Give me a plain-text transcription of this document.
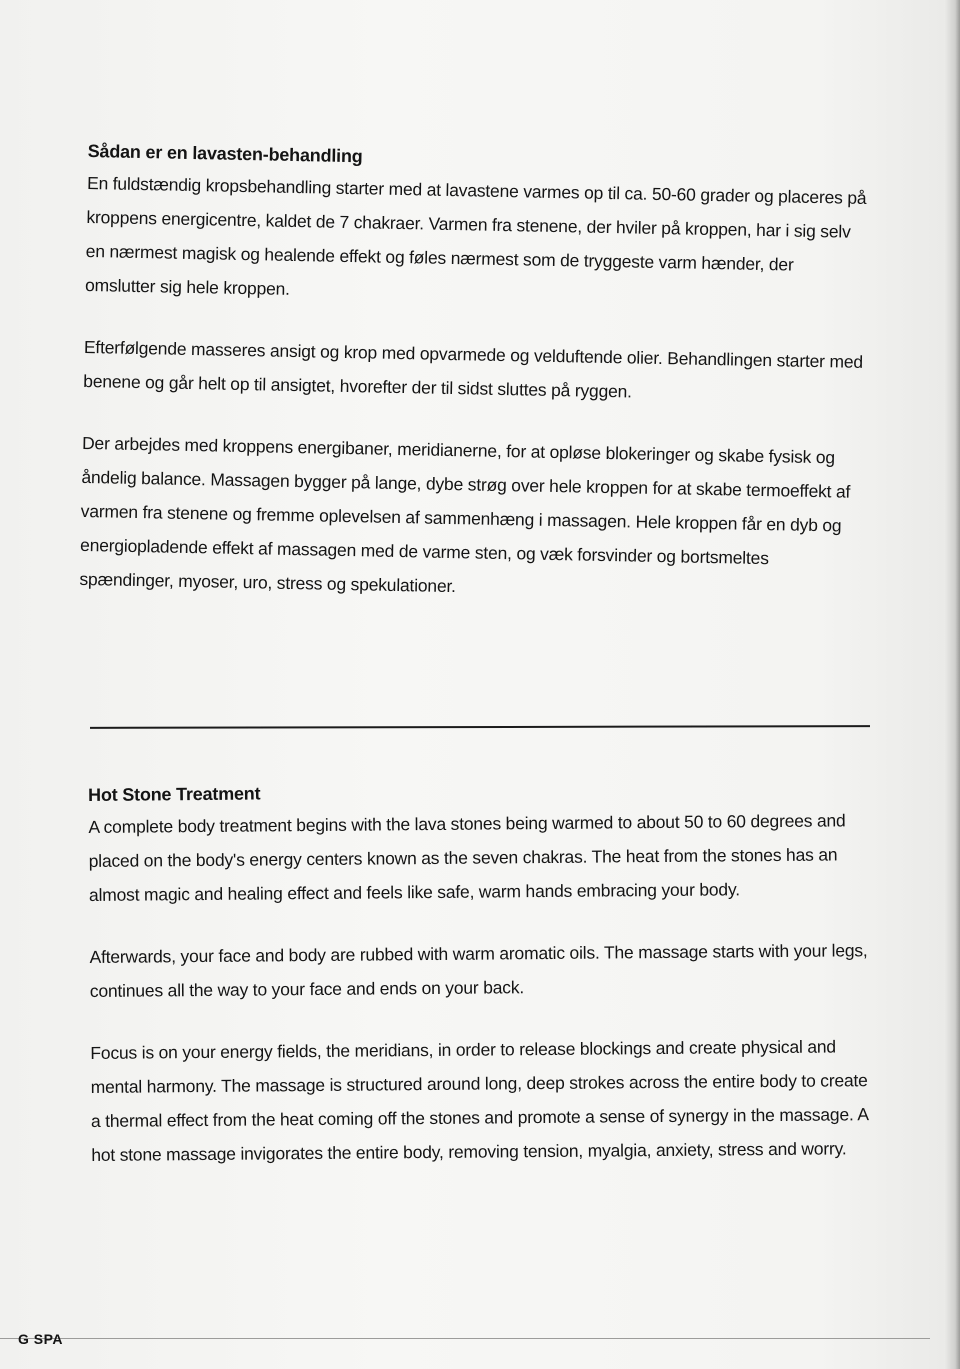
Sådan er en lavasten-behandling

En fuldstændig kropsbehandling starter med at lavastene varmes op til ca. 50-60 grader og placeres på kroppens energicentre, kaldet de 7 chakraer. Varmen fra stenene, der hviler på kroppen, har i sig selv en nærmest magisk og healende effekt og føles nærmest som de tryggeste varm hænder, der omslutter sig hele kroppen.

Efterfølgende masseres ansigt og krop med opvarmede og velduftende olier. Behandlingen starter med benene og går helt op til ansigtet, hvorefter der til sidst sluttes på ryggen.

Der arbejdes med kroppens energibaner, meridianerne, for at opløse blokeringer og skabe fysisk og åndelig balance. Massagen bygger på lange, dybe strøg over hele kroppen for at skabe termoeffekt af varmen fra stenene og fremme oplevelsen af sammenhæng i massagen. Hele kroppen får en dyb og energiopladende effekt af massagen med de varme sten, og væk forsvinder og bortsmeltes spændinger, myoser, uro, stress og spekulationer.

Hot Stone Treatment

A complete body treatment begins with the lava stones being warmed to about 50 to 60 degrees and placed on the body's energy centers known as the seven chakras. The heat from the stones has an almost magic and healing effect and feels like safe, warm hands embracing your body.

Afterwards, your face and body are rubbed with warm aromatic oils. The massage starts with your legs, continues all the way to your face and ends on your back.

Focus is on your energy fields, the meridians, in order to release blockings and create physical and mental harmony. The massage is structured around long, deep strokes across the entire body to create a thermal effect from the heat coming off the stones and promote a sense of synergy in the massage. A hot stone massage invigorates the entire body, removing tension, myalgia, anxiety, stress and worry.

G SPA
